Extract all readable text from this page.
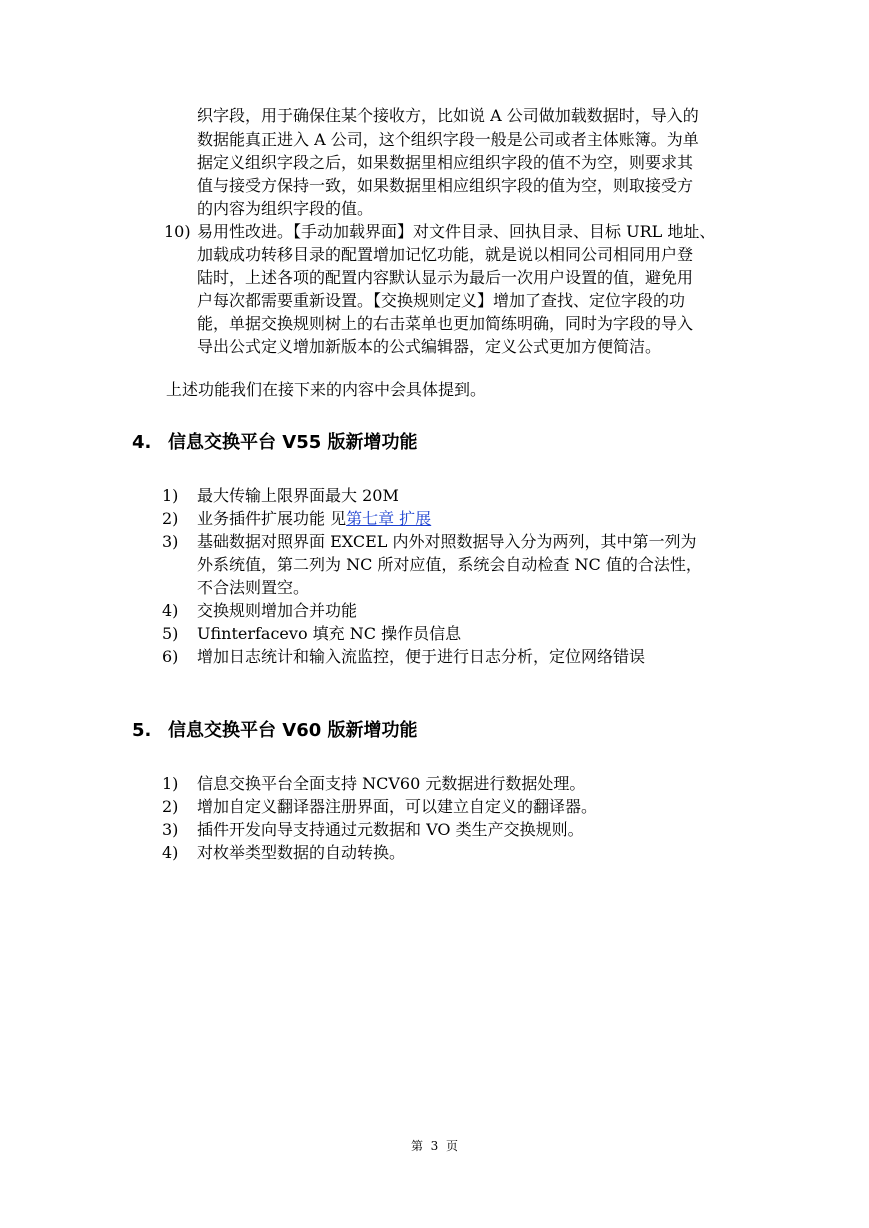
织字段，用于确保住某个接收方，比如说 A 公司做加载数据时，导入的
数据能真正进入 A 公司，这个组织字段一般是公司或者主体账簿。为单
据定义组织字段之后，如果数据里相应组织字段的值不为空，则要求其
值与接受方保持一致，如果数据里相应组织字段的值为空，则取接受方
的内容为组织字段的值。
10) 易用性改进。【手动加载界面】对文件目录、回执目录、目标 URL 地址、
加载成功转移目录的配置增加记忆功能，就是说以相同公司相同用户登
陆时，上述各项的配置内容默认显示为最后一次用户设置的值，避免用
户每次都需要重新设置。【交换规则定义】增加了查找、定位字段的功
能，单据交换规则树上的右击菜单也更加简练明确，同时为字段的导入
导出公式定义增加新版本的公式编辑器，定义公式更加方便简洁。
上述功能我们在接下来的内容中会具体提到。
4. 信息交换平台 V55 版新增功能
1) 最大传输上限界面最大 20M
2) 业务插件扩展功能 见第七章 扩展
3) 基础数据对照界面 EXCEL 内外对照数据导入分为两列，其中第一列为
外系统值，第二列为 NC 所对应值，系统会自动检查 NC 值的合法性，
不合法则置空。
4) 交换规则增加合并功能
5) Ufinterfacevo 填充 NC 操作员信息
6) 增加日志统计和输入流监控，便于进行日志分析，定位网络错误
5. 信息交换平台 V60 版新增功能
1) 信息交换平台全面支持 NCV60 元数据进行数据处理。
2) 增加自定义翻译器注册界面，可以建立自定义的翻译器。
3) 插件开发向导支持通过元数据和 VO 类生产交换规则。
4) 对枚举类型数据的自动转换。
第 3 页
